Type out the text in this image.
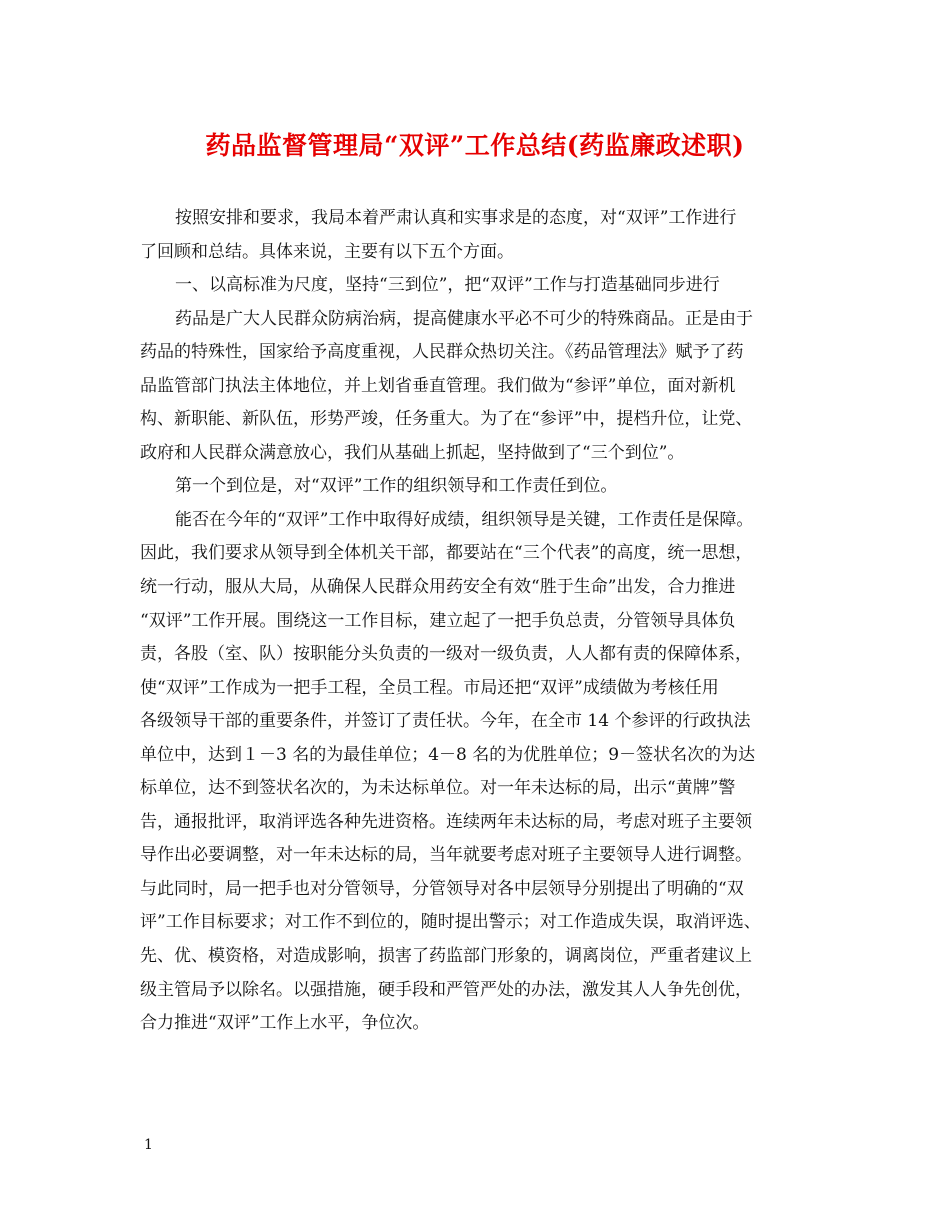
药品监督管理局“双评”工作总结(药监廉政述职)
按照安排和要求，我局本着严肃认真和实事求是的态度，对“双评”工作进行
了回顾和总结。具体来说，主要有以下五个方面。
一、以高标准为尺度，坚持“三到位”，把“双评”工作与打造基础同步进行
药品是广大人民群众防病治病，提高健康水平必不可少的特殊商品。正是由于
药品的特殊性，国家给予高度重视，人民群众热切关注。《药品管理法》赋予了药
品监管部门执法主体地位，并上划省垂直管理。我们做为“参评”单位，面对新机
构、新职能、新队伍，形势严竣，任务重大。为了在“参评”中，提档升位，让党、
政府和人民群众满意放心，我们从基础上抓起，坚持做到了“三个到位”。
第一个到位是，对“双评”工作的组织领导和工作责任到位。
能否在今年的“双评”工作中取得好成绩，组织领导是关键，工作责任是保障。
因此，我们要求从领导到全体机关干部，都要站在“三个代表”的高度，统一思想，
统一行动，服从大局，从确保人民群众用药安全有效“胜于生命”出发，合力推进
“双评”工作开展。围绕这一工作目标，建立起了一把手负总责，分管领导具体负
责，各股（室、队）按职能分头负责的一级对一级负责，人人都有责的保障体系，
使“双评”工作成为一把手工程，全员工程。市局还把“双评”成绩做为考核任用
各级领导干部的重要条件，并签订了责任状。今年，在全市 14 个参评的行政执法
单位中，达到１－3 名的为最佳单位；4－8 名的为优胜单位；9－签状名次的为达
标单位，达不到签状名次的，为未达标单位。对一年未达标的局，出示“黄牌”警
告，通报批评，取消评选各种先进资格。连续两年未达标的局，考虑对班子主要领
导作出必要调整，对一年未达标的局，当年就要考虑对班子主要领导人进行调整。
与此同时，局一把手也对分管领导，分管领导对各中层领导分别提出了明确的“双
评”工作目标要求；对工作不到位的，随时提出警示；对工作造成失误，取消评选、
先、优、模资格，对造成影响，损害了药监部门形象的，调离岗位，严重者建议上
级主管局予以除名。以强措施，硬手段和严管严处的办法，激发其人人争先创优，
合力推进“双评”工作上水平，争位次。
1
